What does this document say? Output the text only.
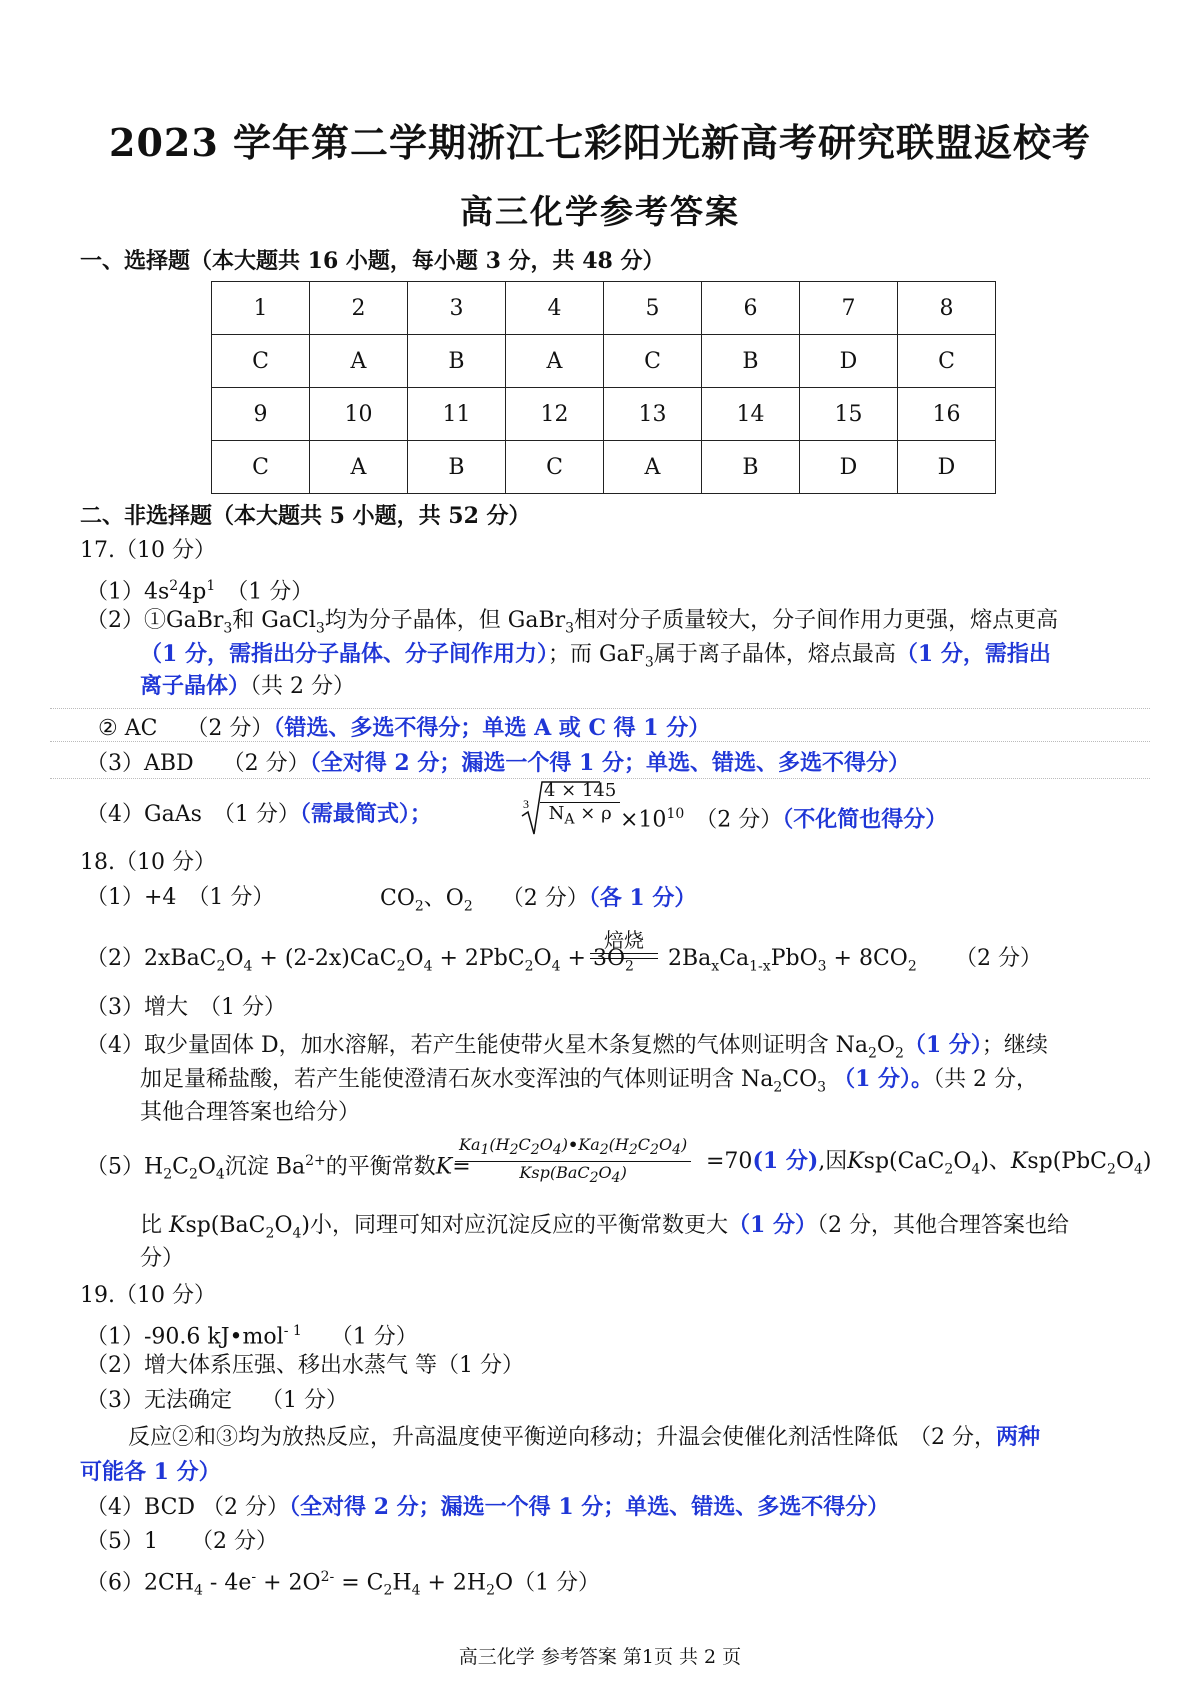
2023 学年第二学期浙江七彩阳光新高考研究联盟返校考
高三化学参考答案
一、选择题（本大题共 16 小题，每小题 3 分，共 48 分）
1	2	3	4	5	6	7	8
C	A	B	A	C	B	D	C
9	10	11	12	13	14	15	16
C	A	B	C	A	B	D	D
二、非选择题（本大题共 5 小题，共 52 分）
17.（10 分）
$(1)4s^24p^1$　 （1 分）
（2）①GaBr$_3$和 GaCl$_3$均为分子晶体，但 GaBr$_3$相对分子质量较大，分子间作用力更强，熔点更高
（1 分，需指出分子晶体、分子间作用力）；而 GaF$_3$属于离子晶体，熔点最高（1 分，需指出
离子晶体）（共 2 分）
② AC　 （2 分）（错选、多选不得分；单选 A 或 C 得 1 分）
（3）ABD　 （2 分）（全对得 2 分；漏选一个得 1 分；单选、错选、多选不得分）
（4）GaAs　（1 分）（需最简式）；	$3 \frac{4 \times 145}{N_A \times \rho} \times 10^{10}$　 （2 分）（不化简也得分）
18.（10 分）
（1）+4　（1 分）	$CO_2$、$O_2$　 （2 分）（各 1 分）
$(2)2xBaC_2O_4 + (2-2x)CaC_2O_4 + 2PbC_2O_4 + 3O_2$
焙烧
$2Ba_xCa_{1-x}PbO_3 + 8CO_2$ （2 分）
（3）增大　（1 分）
（4）取少量固体 D，加水溶解，若产生能使带火星木条复燃的气体则证明含 $Na_2O_2(1$ 分）；继续
加足量稀盐酸，若产生能使澄清石灰水变浑浊的气体则证明含 $Na_2CO_3$ （1 分）。（共 2 分，
其他合理答案也给分）
$(5)H_2C_2O_4$沉淀 $Ba^{2+}$的平衡常数K=
$\frac{Ka_1(H_2C_2O_4)•Ka_2(H_2C_2O_4)}{Ksp(BaC_2O_4)} =70(1$ 分),因$Ksp(CaC_2O_4)$、$Ksp(PbC_2O_4)$
比 $Ksp(BaC_2O_4)$小，同理可知对应沉淀反应的平衡常数更大（1 分）（2 分，其他合理答案也给
分）
19.（10 分）
（1）-90.6 kJ•mol$^{- 1}$　 （1 分）
（2）增大体系压强、移出水蒸气 等（1 分）
（3）无法确定　 （1 分）
反应②和③均为放热反应，升高温度使平衡逆向移动；升温会使催化剂活性降低　（2 分，两种
可能各 1 分）
（4）BCD （2 分）（全对得 2 分；漏选一个得 1 分；单选、错选、多选不得分）
（5）1　　（2 分）
$(6)2CH_4 - 4e^- + 2O^{2-} = C_2H_4 + 2H_2O(1$ 分）
高三化学 参考答案 第1页 共 2 页
